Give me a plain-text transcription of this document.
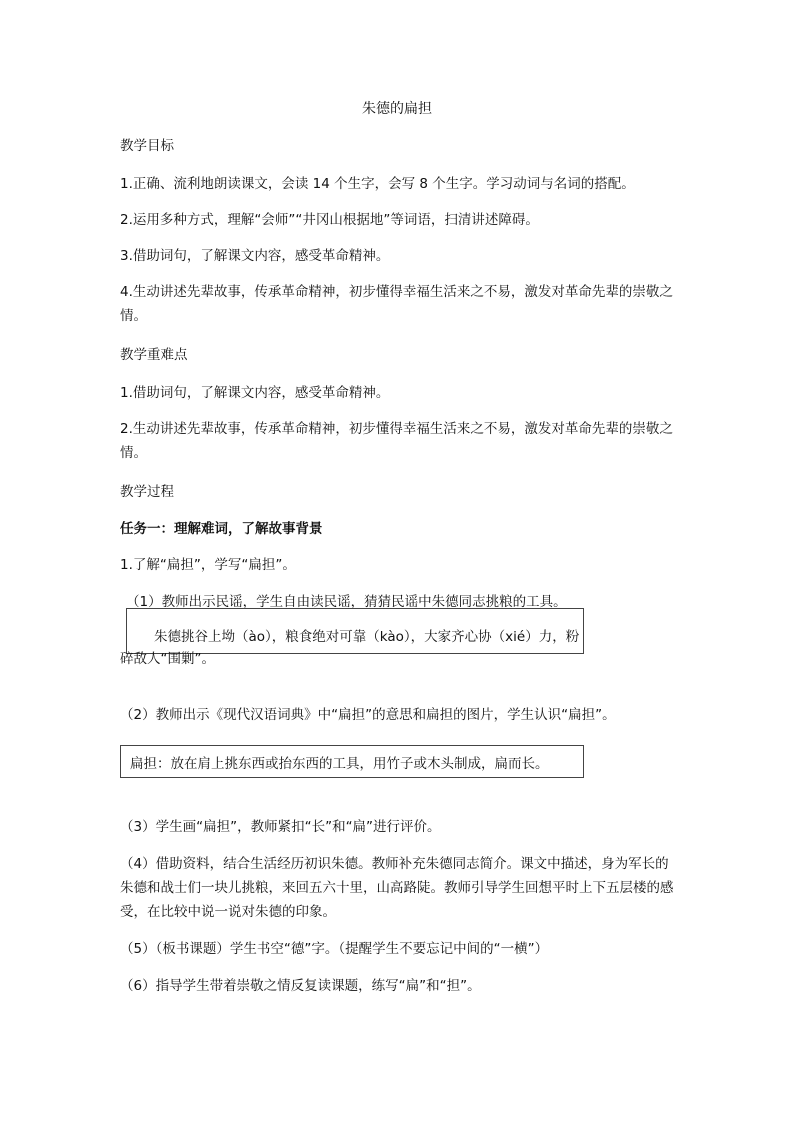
朱德的扁担
教学目标
1.正确、流利地朗读课文，会读 14 个生字，会写 8 个生字。学习动词与名词的搭配。
2.运用多种方式，理解“会师”“井冈山根据地”等词语，扫清讲述障碍。
3.借助词句，了解课文内容，感受革命精神。
4.生动讲述先辈故事，传承革命精神，初步懂得幸福生活来之不易，激发对革命先辈的崇敬之情。
教学重难点
1.借助词句，了解课文内容，感受革命精神。
2.生动讲述先辈故事，传承革命精神，初步懂得幸福生活来之不易，激发对革命先辈的崇敬之情。
教学过程
任务一：理解难词，了解故事背景
1.了解“扁担”，学写“扁担”。
（1）教师出示民谣，学生自由读民谣，猜猜民谣中朱德同志挑粮的工具。
朱德挑谷上坳（ào），粮食绝对可靠（kào），大家齐心协（xié）力，粉碎敌人“围剿”。
（2）教师出示《现代汉语词典》中“扁担”的意思和扁担的图片，学生认识“扁担”。
扁担：放在肩上挑东西或抬东西的工具，用竹子或木头制成，扁而长。
（3）学生画“扁担”，教师紧扣“长”和“扁”进行评价。
（4）借助资料，结合生活经历初识朱德。教师补充朱德同志简介。课文中描述，身为军长的朱德和战士们一块儿挑粮，来回五六十里，山高路陡。教师引导学生回想平时上下五层楼的感受，在比较中说一说对朱德的印象。
（5）（板书课题）学生书空“德”字。（提醒学生不要忘记中间的“一横”）
（6）指导学生带着崇敬之情反复读课题，练写“扁”和“担”。
